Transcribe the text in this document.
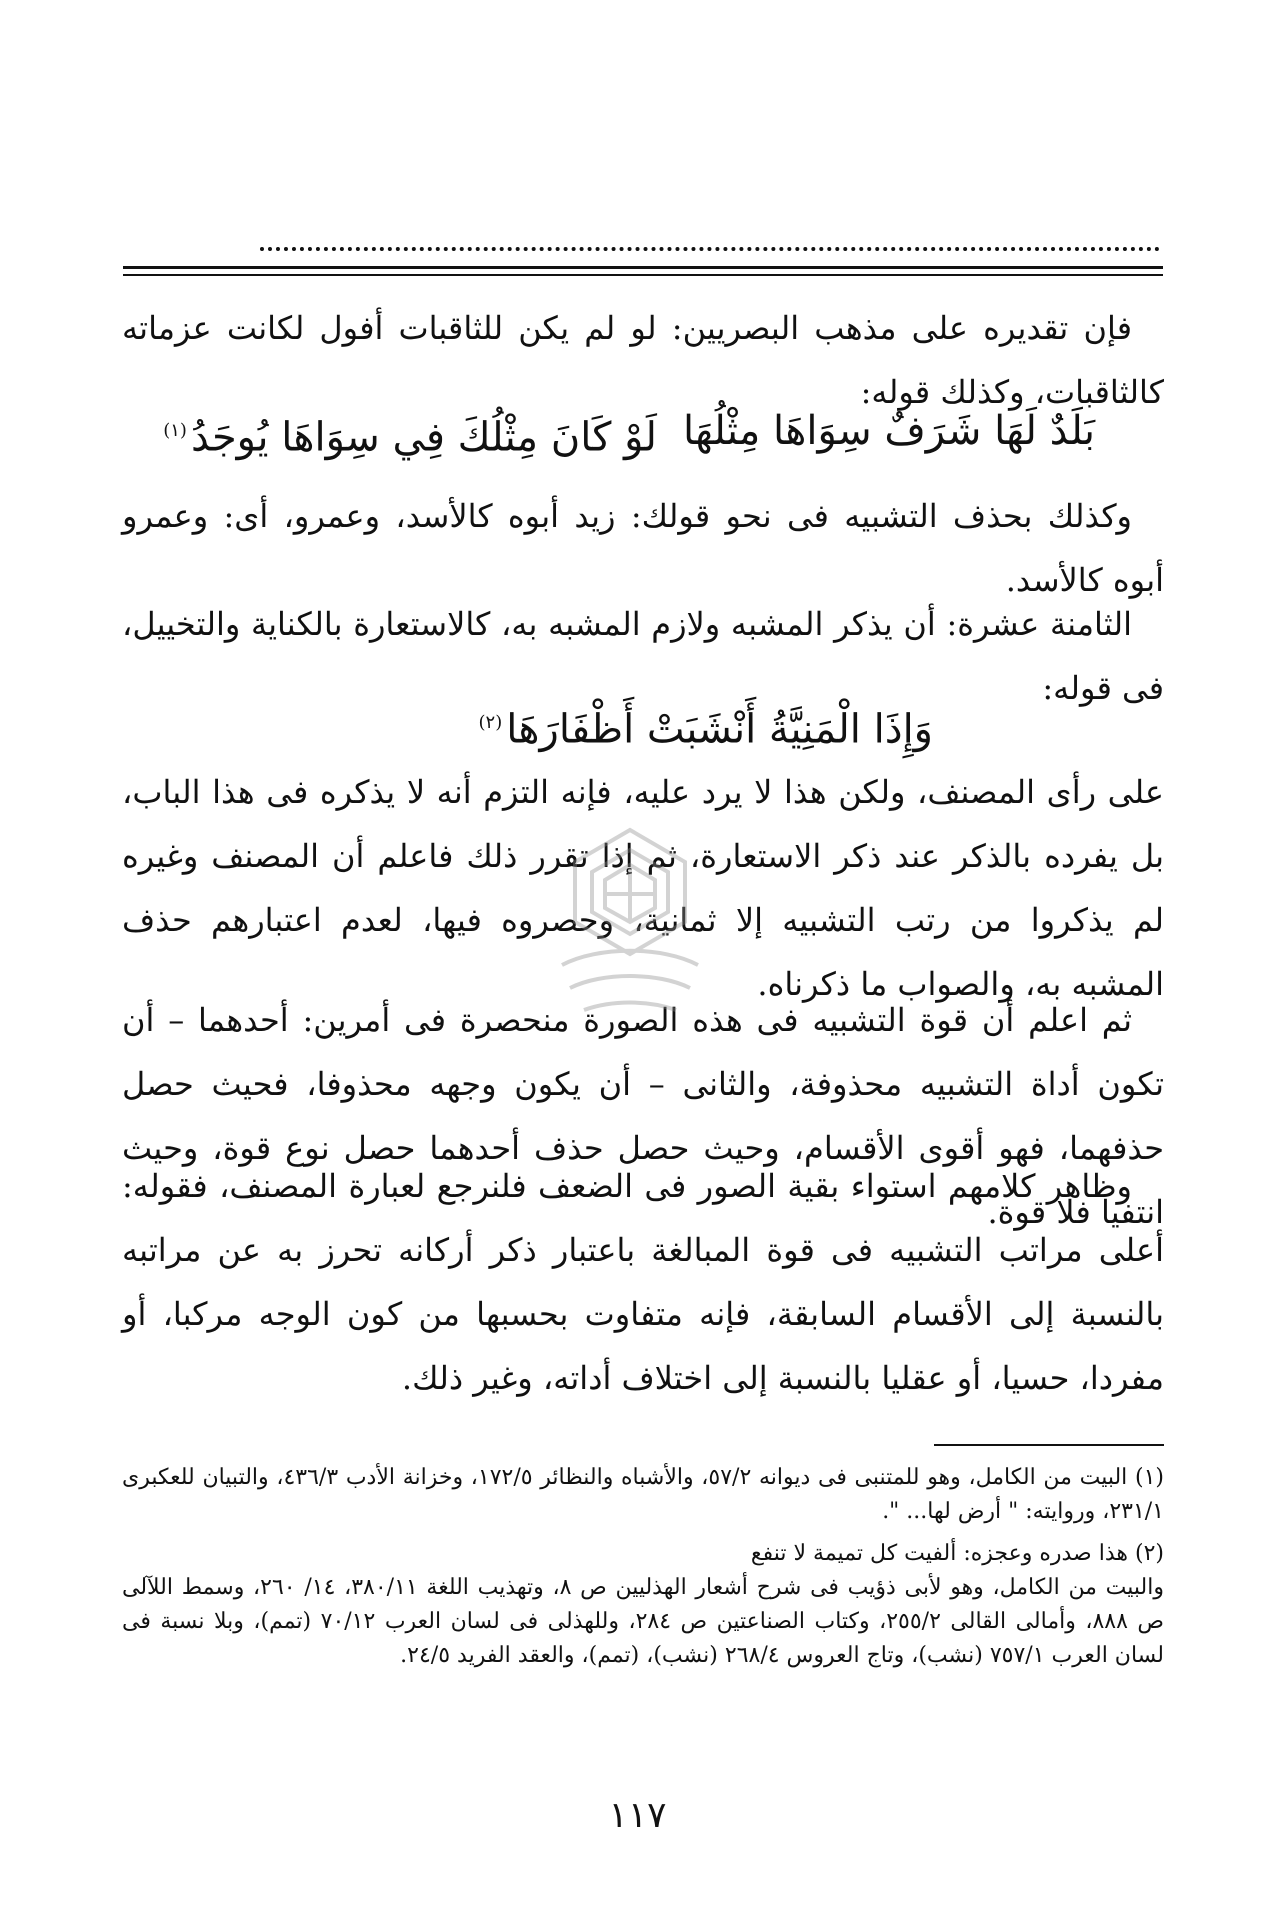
فإن تقديره على مذهب البصريين: لو لم يكن للثاقبات أفول لكانت عزماته كالثاقبات، وكذلك قوله:

بَلَدٌ لَهَا شَرَفٌ سِوَاهَا مِثْلُهَا
لَوْ كَانَ مِثْلُكَ فِي سِوَاهَا يُوجَدُ$^{(١)}$

وكذلك بحذف التشبيه فى نحو قولك: زيد أبوه كالأسد، وعمرو، أى: وعمرو أبوه كالأسد.

الثامنة عشرة: أن يذكر المشبه ولازم المشبه به، كالاستعارة بالكناية والتخييل، فى قوله:

وَإِذَا الْمَنِيَّةُ أَنْشَبَتْ أَظْفَارَهَا$^{(٢)}$

على رأى المصنف، ولكن هذا لا يرد عليه، فإنه التزم أنه لا يذكره فى هذا الباب، بل يفرده بالذكر عند ذكر الاستعارة، ثم إذا تقرر ذلك فاعلم أن المصنف وغيره لم يذكروا من رتب التشبيه إلا ثمانية، وحصروه فيها، لعدم اعتبارهم حذف المشبه به، والصواب ما ذكرناه.

ثم اعلم أن قوة التشبيه فى هذه الصورة منحصرة فى أمرين: أحدهما – أن تكون أداة التشبيه محذوفة، والثانى – أن يكون وجهه محذوفا، فحيث حصل حذفهما، فهو أقوى الأقسام، وحيث حصل حذف أحدهما حصل نوع قوة، وحيث انتفيا فلا قوة.

وظاهر كلامهم استواء بقية الصور فى الضعف فلنرجع لعبارة المصنف، فقوله: أعلى مراتب التشبيه فى قوة المبالغة باعتبار ذكر أركانه تحرز به عن مراتبه بالنسبة إلى الأقسام السابقة، فإنه متفاوت بحسبها من كون الوجه مركبا، أو مفردا، حسيا، أو عقليا بالنسبة إلى اختلاف أداته، وغير ذلك.

(١) البيت من الكامل، وهو للمتنبى فى ديوانه ٥٧/٢، والأشباه والنظائر ١٧٢/٥، وخزانة الأدب ٤٣٦/٣، والتبيان للعكبرى ٢٣١/١، وروايته: " أرض لها... ".

(٢) هذا صدره وعجزه: ألفيت كل تميمة لا تنفع

والبيت من الكامل، وهو لأبى ذؤيب فى شرح أشعار الهذليين ص ٨، وتهذيب اللغة ٣٨٠/١١، ١٤/ ٢٦٠، وسمط اللآلى ص ٨٨٨، وأمالى القالى ٢٥٥/٢، وكتاب الصناعتين ص ٢٨٤، وللهذلى فى لسان العرب ٧٠/١٢ (تمم)، وبلا نسبة فى لسان العرب ٧٥٧/١ (نشب)، وتاج العروس ٢٦٨/٤ (نشب)، (تمم)، والعقد الفريد ٢٤/٥.

١١٧
